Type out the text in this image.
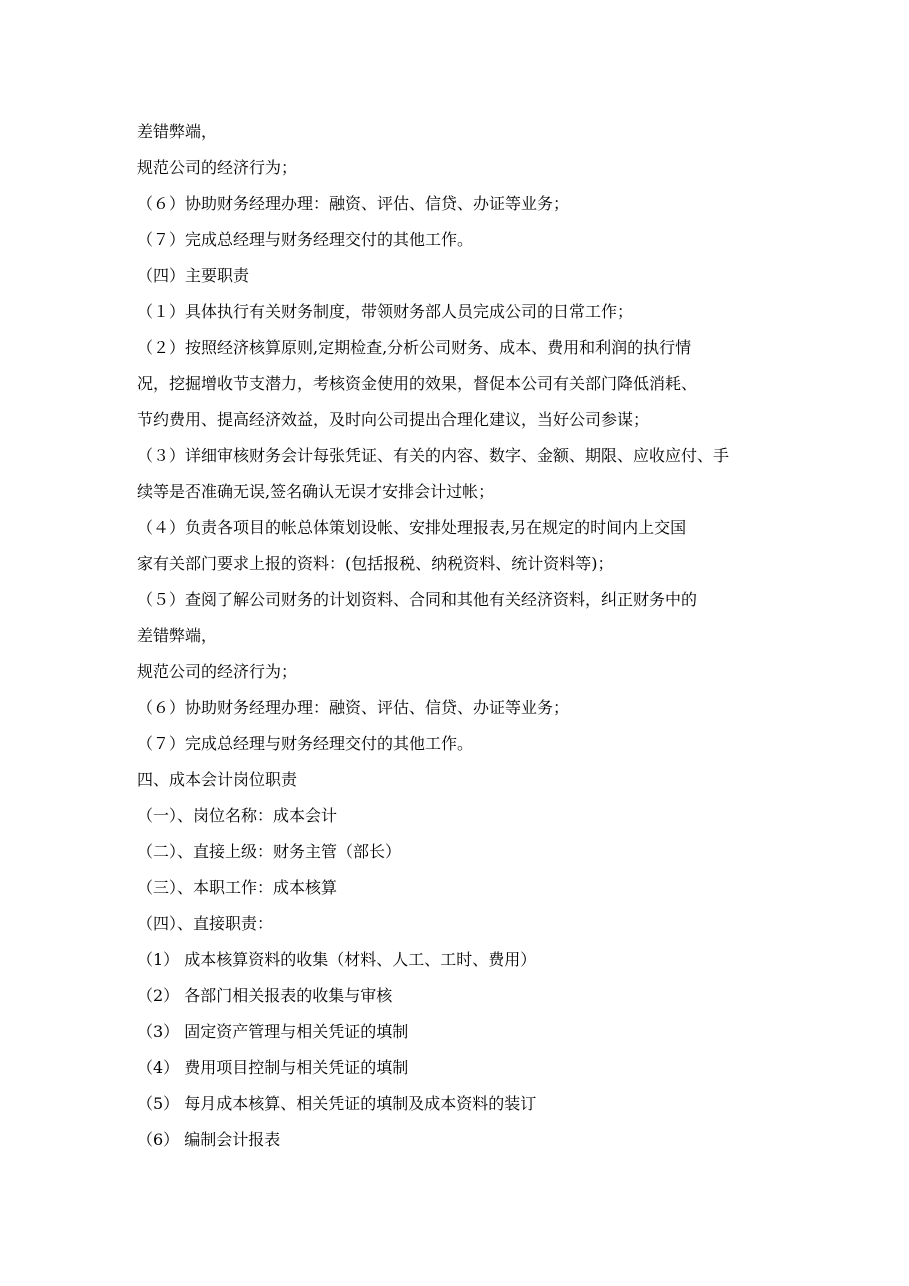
差错弊端，
规范公司的经济行为；
（６）协助财务经理办理：融资、评估、信贷、办证等业务；
（７）完成总经理与财务经理交付的其他工作。
（四）主要职责
（１）具体执行有关财务制度，带领财务部人员完成公司的日常工作；
（２）按照经济核算原则,定期检查,分析公司财务、成本、费用和利润的执行情
况，挖掘增收节支潜力，考核资金使用的效果，督促本公司有关部门降低消耗、
节约费用、提高经济效益，及时向公司提出合理化建议，当好公司参谋；
（３）详细审核财务会计每张凭证、有关的内容、数字、金额、期限、应收应付、手
续等是否准确无误,签名确认无误才安排会计过帐；
（４）负责各项目的帐总体策划设帐、安排处理报表,另在规定的时间内上交国
家有关部门要求上报的资料：(包括报税、纳税资料、统计资料等)；
（５）查阅了解公司财务的计划资料、合同和其他有关经济资料，纠正财务中的
差错弊端，
规范公司的经济行为；
（６）协助财务经理办理：融资、评估、信贷、办证等业务；
（７）完成总经理与财务经理交付的其他工作。
四、成本会计岗位职责
（一）、岗位名称：成本会计
（二）、直接上级：财务主管（部长）
（三）、本职工作：成本核算
（四）、直接职责：
（1） 成本核算资料的收集（材料、人工、工时、费用）
（2） 各部门相关报表的收集与审核
（3） 固定资产管理与相关凭证的填制
（4） 费用项目控制与相关凭证的填制
（5） 每月成本核算、相关凭证的填制及成本资料的装订
（6） 编制会计报表
